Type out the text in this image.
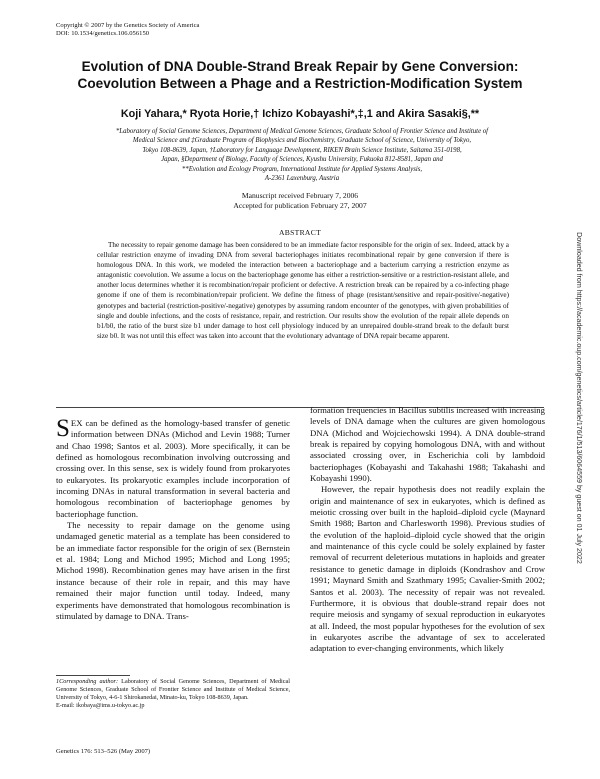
Copyright © 2007 by the Genetics Society of America
DOI: 10.1534/genetics.106.056150
Evolution of DNA Double-Strand Break Repair by Gene Conversion:
Coevolution Between a Phage and a Restriction-Modification System
Koji Yahara,* Ryota Horie,† Ichizo Kobayashi*,‡,1 and Akira Sasaki§,**
*Laboratory of Social Genome Sciences, Department of Medical Genome Sciences, Graduate School of Frontier Science and Institute of
Medical Science and ‡Graduate Program of Biophysics and Biochemistry, Graduate School of Science, University of Tokyo,
Tokyo 108-8639, Japan, †Laboratory for Language Development, RIKEN Brain Science Institute, Saitama 351-0198,
Japan, §Department of Biology, Faculty of Sciences, Kyushu University, Fukuoka 812-8581, Japan and
**Evolution and Ecology Program, International Institute for Applied Systems Analysis,
A-2361 Laxenburg, Austria
Manuscript received February 7, 2006
Accepted for publication February 27, 2007
ABSTRACT

The necessity to repair genome damage has been considered to be an immediate factor responsible for the origin of sex. Indeed, attack by a cellular restriction enzyme of invading DNA from several bacteriophages initiates recombinational repair by gene conversion if there is homologous DNA. In this work, we modeled the interaction between a bacteriophage and a bacterium carrying a restriction enzyme as antagonistic coevolution. We assume a locus on the bacteriophage genome has either a restriction-sensitive or a restriction-resistant allele, and another locus determines whether it is recombination/repair proficient or defective. A restriction break can be repaired by a co-infecting phage genome if one of them is recombination/repair proficient. We define the fitness of phage (resistant/sensitive and repair-positive/-negative) genotypes and bacterial (restriction-positive/-negative) genotypes by assuming random encounter of the genotypes, with given probabilities of single and double infections, and the costs of resistance, repair, and restriction. Our results show the evolution of the repair allele depends on b1/b0, the ratio of the burst size b1 under damage to host cell physiology induced by an unrepaired double-strand break to the default burst size b0. It was not until this effect was taken into account that the evolutionary advantage of DNA repair became apparent.

SEX can be defined as the homology-based transfer of genetic information between DNAs (Michod and Levin 1988; Turner and Chao 1998; Santos et al. 2003). More specifically, it can be defined as homologous recombination involving outcrossing and crossing over. In this sense, sex is widely found from prokaryotes to eukaryotes. Its prokaryotic examples include incorporation of incoming DNAs in natural transformation in several bacteria and homologous recombination of bacteriophage genomes by bacteriophage function.

The necessity to repair damage on the genome using undamaged genetic material as a template has been considered to be an immediate factor responsible for the origin of sex (Bernstein et al. 1984; Long and Michod 1995; Michod and Long 1995; Michod 1998). Recombination genes may have arisen in the first instance because of their role in repair, and this may have remained their major function until today. Indeed, many experiments have demonstrated that homologous recombination is stimulated by damage to DNA. Trans-

formation frequencies in Bacillus subtilis increased with increasing levels of DNA damage when the cultures are given homologous DNA (Michod and Wojciechowski 1994). A DNA double-strand break is repaired by copying homologous DNA, with and without associated crossing over, in Escherichia coli by lambdoid bacteriophages (Kobayashi and Takahashi 1988; Takahashi and Kobayashi 1990).

However, the repair hypothesis does not readily explain the origin and maintenance of sex in eukaryotes, which is defined as meiotic crossing over built in the haploid–diploid cycle (Maynard Smith 1988; Barton and Charlesworth 1998). Previous studies of the evolution of the haploid–diploid cycle showed that the origin and maintenance of this cycle could be solely explained by faster removal of recurrent deleterious mutations in haploids and greater resistance to genetic damage in diploids (Kondrashov and Crow 1991; Maynard Smith and Szathmary 1995; Cavalier-Smith 2002; Santos et al. 2003). The necessity of repair was not revealed. Furthermore, it is obvious that double-strand repair does not require meiosis and syngamy of sexual reproduction in eukaryotes at all. Indeed, the most popular hypotheses for the evolution of sex in eukaryotes ascribe the advantage of sex to accelerated adaptation to ever-changing environments, which likely

1Corresponding author: Laboratory of Social Genome Sciences, Department of Medical Genome Sciences, Graduate School of Frontier Science and Institute of Medical Science, University of Tokyo, 4-6-1 Shirokanedai, Minato-ku, Tokyo 108-8639, Japan.
E-mail: ikobaya@ims.u-tokyo.ac.jp
Genetics 176: 513–526 (May 2007)
Downloaded from https://academic.oup.com/genetics/article/176/1/513/6064559 by guest on 01 July 2022
